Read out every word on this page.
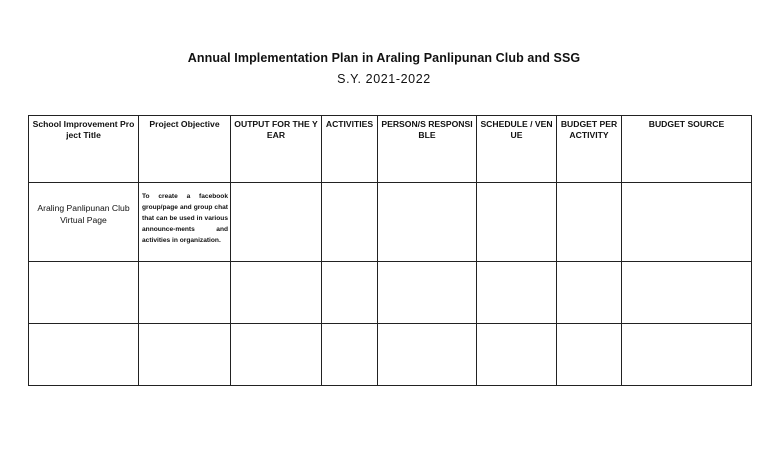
Annual Implementation Plan in Araling Panlipunan Club and SSG
S.Y. 2021-2022
School Improvement Project Title	Project Objective	OUTPUT FOR THE YEAR	ACTIVITIES	PERSON/S RESPONSIBLE	SCHEDULE / VENUE	BUDGET PER ACTIVITY	BUDGET SOURCE

Araling Panlipunan Club Virtual Page	To create a facebook group/page and group chat that can be used in various announce-ments and activities in organization.						
